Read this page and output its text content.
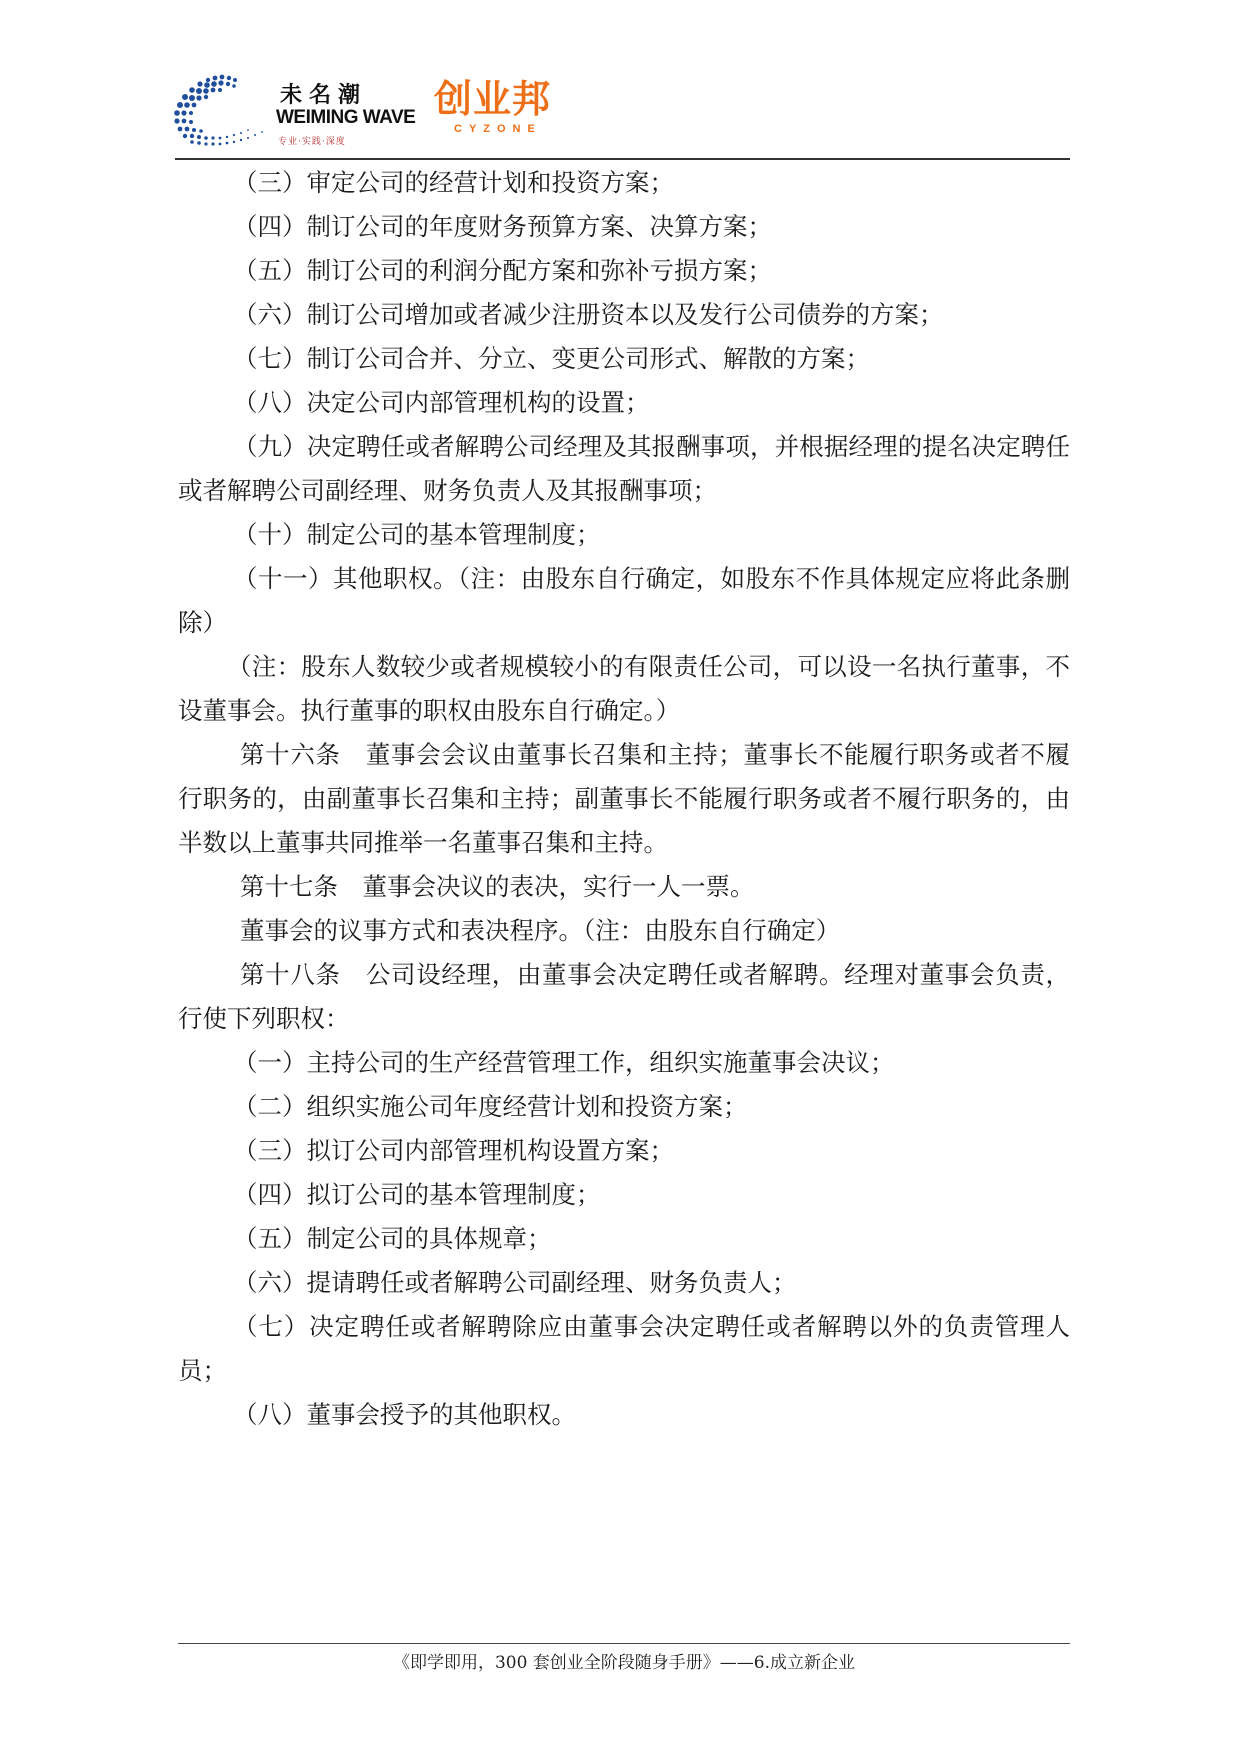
未名潮
WEIMING WAVE
专业·实践·深度
创业邦
CYZONE

（三）审定公司的经营计划和投资方案；

（四）制订公司的年度财务预算方案、决算方案；

（五）制订公司的利润分配方案和弥补亏损方案；

（六）制订公司增加或者减少注册资本以及发行公司债券的方案；

（七）制订公司合并、分立、变更公司形式、解散的方案；

（八）决定公司内部管理机构的设置；

（九）决定聘任或者解聘公司经理及其报酬事项，并根据经理的提名决定聘任或者解聘公司副经理、财务负责人及其报酬事项；

（十）制定公司的基本管理制度；

（十一）其他职权。（注：由股东自行确定，如股东不作具体规定应将此条删除）

（注：股东人数较少或者规模较小的有限责任公司，可以设一名执行董事，不设董事会。执行董事的职权由股东自行确定。）

第十六条　董事会会议由董事长召集和主持；董事长不能履行职务或者不履行职务的，由副董事长召集和主持；副董事长不能履行职务或者不履行职务的，由半数以上董事共同推举一名董事召集和主持。

第十七条　董事会决议的表决，实行一人一票。

董事会的议事方式和表决程序。（注：由股东自行确定）

第十八条　公司设经理，由董事会决定聘任或者解聘。经理对董事会负责，行使下列职权：

（一）主持公司的生产经营管理工作，组织实施董事会决议；

（二）组织实施公司年度经营计划和投资方案；

（三）拟订公司内部管理机构设置方案；

（四）拟订公司的基本管理制度；

（五）制定公司的具体规章；

（六）提请聘任或者解聘公司副经理、财务负责人；

（七）决定聘任或者解聘除应由董事会决定聘任或者解聘以外的负责管理人员；

（八）董事会授予的其他职权。

《即学即用，300 套创业全阶段随身手册》——6.成立新企业
